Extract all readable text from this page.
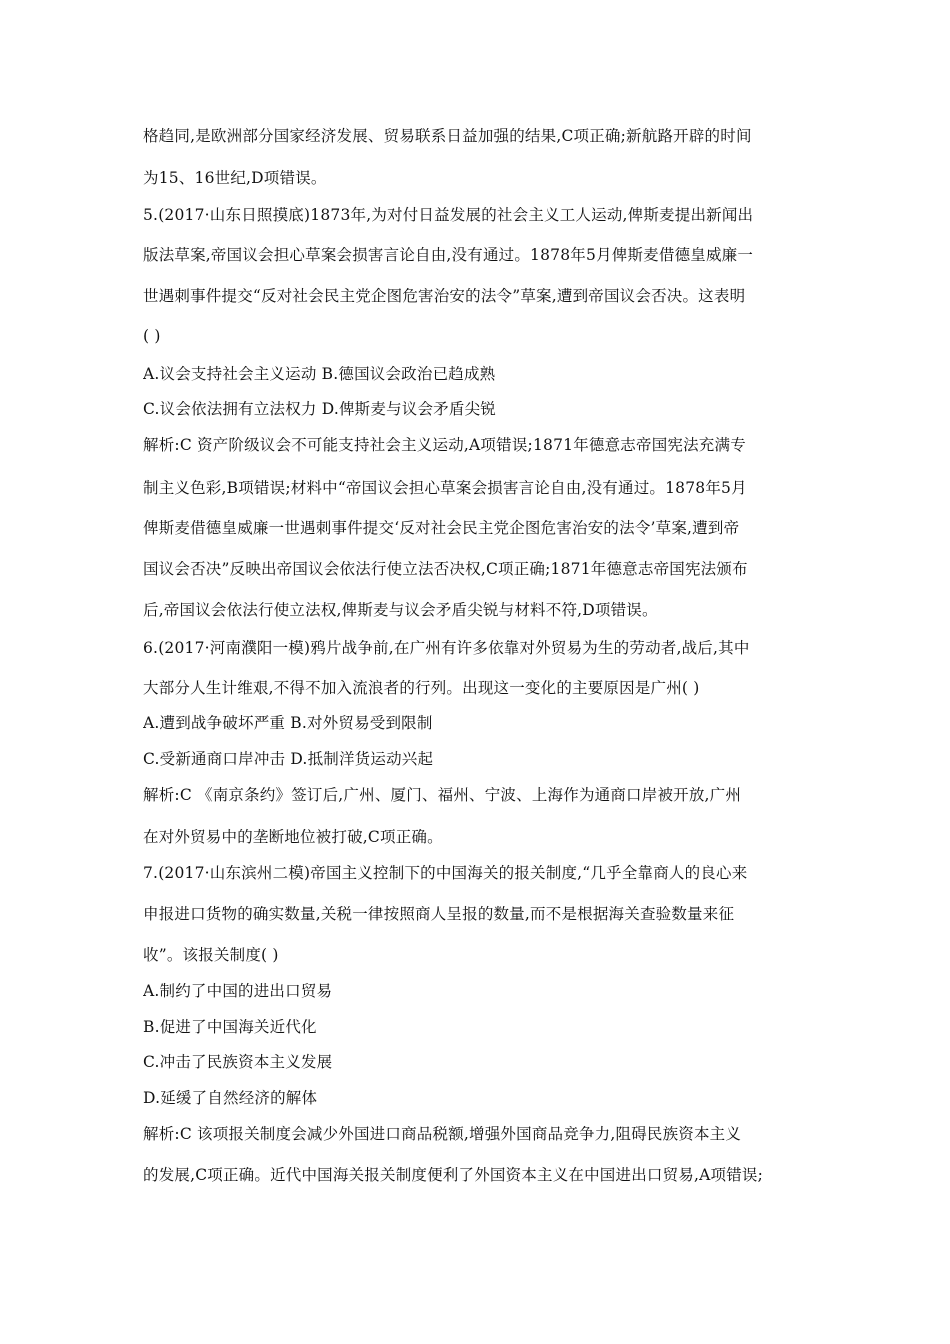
格趋同,是欧洲部分国家经济发展、贸易联系日益加强的结果,C项正确;新航路开辟的时间
为15、16世纪,D项错误。
5.(2017·山东日照摸底)1873年,为对付日益发展的社会主义工人运动,俾斯麦提出新闻出
版法草案,帝国议会担心草案会损害言论自由,没有通过。1878年5月俾斯麦借德皇威廉一
世遇刺事件提交“反对社会民主党企图危害治安的法令”草案,遭到帝国议会否决。这表明
( )
A.议会支持社会主义运动 B.德国议会政治已趋成熟
C.议会依法拥有立法权力 D.俾斯麦与议会矛盾尖锐
解析:C 资产阶级议会不可能支持社会主义运动,A项错误;1871年德意志帝国宪法充满专
制主义色彩,B项错误;材料中“帝国议会担心草案会损害言论自由,没有通过。1878年5月
俾斯麦借德皇威廉一世遇刺事件提交‘反对社会民主党企图危害治安的法令’草案,遭到帝
国议会否决”反映出帝国议会依法行使立法否决权,C项正确;1871年德意志帝国宪法颁布
后,帝国议会依法行使立法权,俾斯麦与议会矛盾尖锐与材料不符,D项错误。
6.(2017·河南濮阳一模)鸦片战争前,在广州有许多依靠对外贸易为生的劳动者,战后,其中
大部分人生计维艰,不得不加入流浪者的行列。出现这一变化的主要原因是广州( )
A.遭到战争破坏严重 B.对外贸易受到限制
C.受新通商口岸冲击 D.抵制洋货运动兴起
解析:C 《南京条约》签订后,广州、厦门、福州、宁波、上海作为通商口岸被开放,广州
在对外贸易中的垄断地位被打破,C项正确。
7.(2017·山东滨州二模)帝国主义控制下的中国海关的报关制度,“几乎全靠商人的良心来
申报进口货物的确实数量,关税一律按照商人呈报的数量,而不是根据海关查验数量来征
收”。该报关制度( )
A.制约了中国的进出口贸易
B.促进了中国海关近代化
C.冲击了民族资本主义发展
D.延缓了自然经济的解体
解析:C 该项报关制度会减少外国进口商品税额,增强外国商品竞争力,阻碍民族资本主义
的发展,C项正确。近代中国海关报关制度便利了外国资本主义在中国进出口贸易,A项错误;
